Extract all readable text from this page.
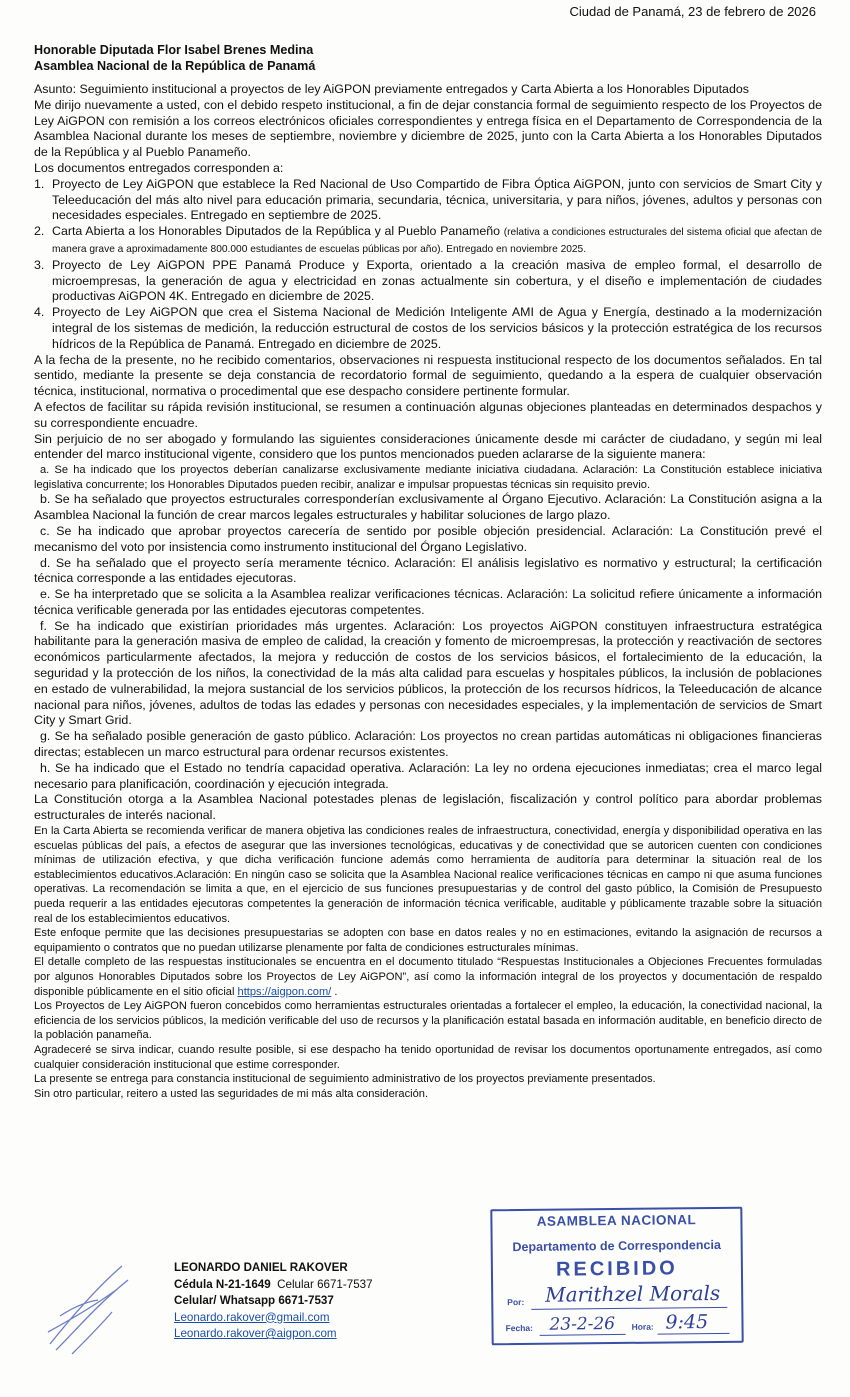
Ciudad de Panamá, 23 de febrero de 2026
Honorable Diputada Flor Isabel Brenes Medina
Asamblea Nacional de la República de Panamá

Asunto: Seguimiento institucional a proyectos de ley AiGPON previamente entregados y Carta Abierta a los Honorables Diputados

Me dirijo nuevamente a usted, con el debido respeto institucional, a fin de dejar constancia formal de seguimiento respecto de los Proyectos de Ley AiGPON con remisión a los correos electrónicos oficiales correspondientes y entrega física en el Departamento de Correspondencia de la Asamblea Nacional durante los meses de septiembre, noviembre y diciembre de 2025, junto con la Carta Abierta a los Honorables Diputados de la República y al Pueblo Panameño.

Los documentos entregados corresponden a:

1. Proyecto de Ley AiGPON que establece la Red Nacional de Uso Compartido de Fibra Óptica AiGPON, junto con servicios de Smart City y Teleeducación del más alto nivel para educación primaria, secundaria, técnica, universitaria, y para niños, jóvenes, adultos y personas con necesidades especiales. Entregado en septiembre de 2025.

2. Carta Abierta a los Honorables Diputados de la República y al Pueblo Panameño (relativa a condiciones estructurales del sistema oficial que afectan de manera grave a aproximadamente 800.000 estudiantes de escuelas públicas por año). Entregado en noviembre 2025.

3. Proyecto de Ley AiGPON PPE Panamá Produce y Exporta, orientado a la creación masiva de empleo formal, el desarrollo de microempresas, la generación de agua y electricidad en zonas actualmente sin cobertura, y el diseño e implementación de ciudades productivas AiGPON 4K. Entregado en diciembre de 2025.

4. Proyecto de Ley AiGPON que crea el Sistema Nacional de Medición Inteligente AMI de Agua y Energía, destinado a la modernización integral de los sistemas de medición, la reducción estructural de costos de los servicios básicos y la protección estratégica de los recursos hídricos de la República de Panamá. Entregado en diciembre de 2025.

A la fecha de la presente, no he recibido comentarios, observaciones ni respuesta institucional respecto de los documentos señalados. En tal sentido, mediante la presente se deja constancia de recordatorio formal de seguimiento, quedando a la espera de cualquier observación técnica, institucional, normativa o procedimental que ese despacho considere pertinente formular.

A efectos de facilitar su rápida revisión institucional, se resumen a continuación algunas objeciones planteadas en determinados despachos y su correspondiente encuadre.

Sin perjuicio de no ser abogado y formulando las siguientes consideraciones únicamente desde mi carácter de ciudadano, y según mi leal entender del marco institucional vigente, considero que los puntos mencionados pueden aclararse de la siguiente manera:

a. Se ha indicado que los proyectos deberían canalizarse exclusivamente mediante iniciativa ciudadana. Aclaración: La Constitución establece iniciativa legislativa concurrente; los Honorables Diputados pueden recibir, analizar e impulsar propuestas técnicas sin requisito previo.

b. Se ha señalado que proyectos estructurales corresponderían exclusivamente al Órgano Ejecutivo. Aclaración: La Constitución asigna a la Asamblea Nacional la función de crear marcos legales estructurales y habilitar soluciones de largo plazo.

c. Se ha indicado que aprobar proyectos carecería de sentido por posible objeción presidencial. Aclaración: La Constitución prevé el mecanismo del voto por insistencia como instrumento institucional del Órgano Legislativo.

d. Se ha señalado que el proyecto sería meramente técnico. Aclaración: El análisis legislativo es normativo y estructural; la certificación técnica corresponde a las entidades ejecutoras.

e. Se ha interpretado que se solicita a la Asamblea realizar verificaciones técnicas. Aclaración: La solicitud refiere únicamente a información técnica verificable generada por las entidades ejecutoras competentes.

f. Se ha indicado que existirían prioridades más urgentes. Aclaración: Los proyectos AiGPON constituyen infraestructura estratégica habilitante para la generación masiva de empleo de calidad, la creación y fomento de microempresas, la protección y reactivación de sectores económicos particularmente afectados, la mejora y reducción de costos de los servicios básicos, el fortalecimiento de la educación, la seguridad y la protección de los niños, la conectividad de la más alta calidad para escuelas y hospitales públicos, la inclusión de poblaciones en estado de vulnerabilidad, la mejora sustancial de los servicios públicos, la protección de los recursos hídricos, la Teleeducación de alcance nacional para niños, jóvenes, adultos de todas las edades y personas con necesidades especiales, y la implementación de servicios de Smart City y Smart Grid.

g. Se ha señalado posible generación de gasto público. Aclaración: Los proyectos no crean partidas automáticas ni obligaciones financieras directas; establecen un marco estructural para ordenar recursos existentes.

h. Se ha indicado que el Estado no tendría capacidad operativa. Aclaración: La ley no ordena ejecuciones inmediatas; crea el marco legal necesario para planificación, coordinación y ejecución integrada.

La Constitución otorga a la Asamblea Nacional potestades plenas de legislación, fiscalización y control político para abordar problemas estructurales de interés nacional.

En la Carta Abierta se recomienda verificar de manera objetiva las condiciones reales de infraestructura, conectividad, energía y disponibilidad operativa en las escuelas públicas del país, a efectos de asegurar que las inversiones tecnológicas, educativas y de conectividad que se autoricen cuenten con condiciones mínimas de utilización efectiva, y que dicha verificación funcione además como herramienta de auditoría para determinar la situación real de los establecimientos educativos.Aclaración: En ningún caso se solicita que la Asamblea Nacional realice verificaciones técnicas en campo ni que asuma funciones operativas. La recomendación se limita a que, en el ejercicio de sus funciones presupuestarias y de control del gasto público, la Comisión de Presupuesto pueda requerir a las entidades ejecutoras competentes la generación de información técnica verificable, auditable y públicamente trazable sobre la situación real de los establecimientos educativos.

Este enfoque permite que las decisiones presupuestarias se adopten con base en datos reales y no en estimaciones, evitando la asignación de recursos a equipamiento o contratos que no puedan utilizarse plenamente por falta de condiciones estructurales mínimas.

El detalle completo de las respuestas institucionales se encuentra en el documento titulado “Respuestas Institucionales a Objeciones Frecuentes formuladas por algunos Honorables Diputados sobre los Proyectos de Ley AiGPON”, así como la información integral de los proyectos y documentación de respaldo disponible públicamente en el sitio oficial https://aigpon.com/ .

Los Proyectos de Ley AiGPON fueron concebidos como herramientas estructurales orientadas a fortalecer el empleo, la educación, la conectividad nacional, la eficiencia de los servicios públicos, la medición verificable del uso de recursos y la planificación estatal basada en información auditable, en beneficio directo de la población panameña.

Agradeceré se sirva indicar, cuando resulte posible, si ese despacho ha tenido oportunidad de revisar los documentos oportunamente entregados, así como cualquier consideración institucional que estime corresponder.

La presente se entrega para constancia institucional de seguimiento administrativo de los proyectos previamente presentados.

Sin otro particular, reitero a usted las seguridades de mi más alta consideración.

LEONARDO DANIEL RAKOVER
Cédula N-21-1649 Celular 6671-7537
Celular/ Whatsapp 6671-7537
Leonardo.rakover@gmail.com
Leonardo.rakover@aigpon.com
ASAMBLEA NACIONAL
Departamento de Correspondencia
RECIBIDO
Por: Marithzel Morals
Fecha: 23-2-26 Hora: 9:45
